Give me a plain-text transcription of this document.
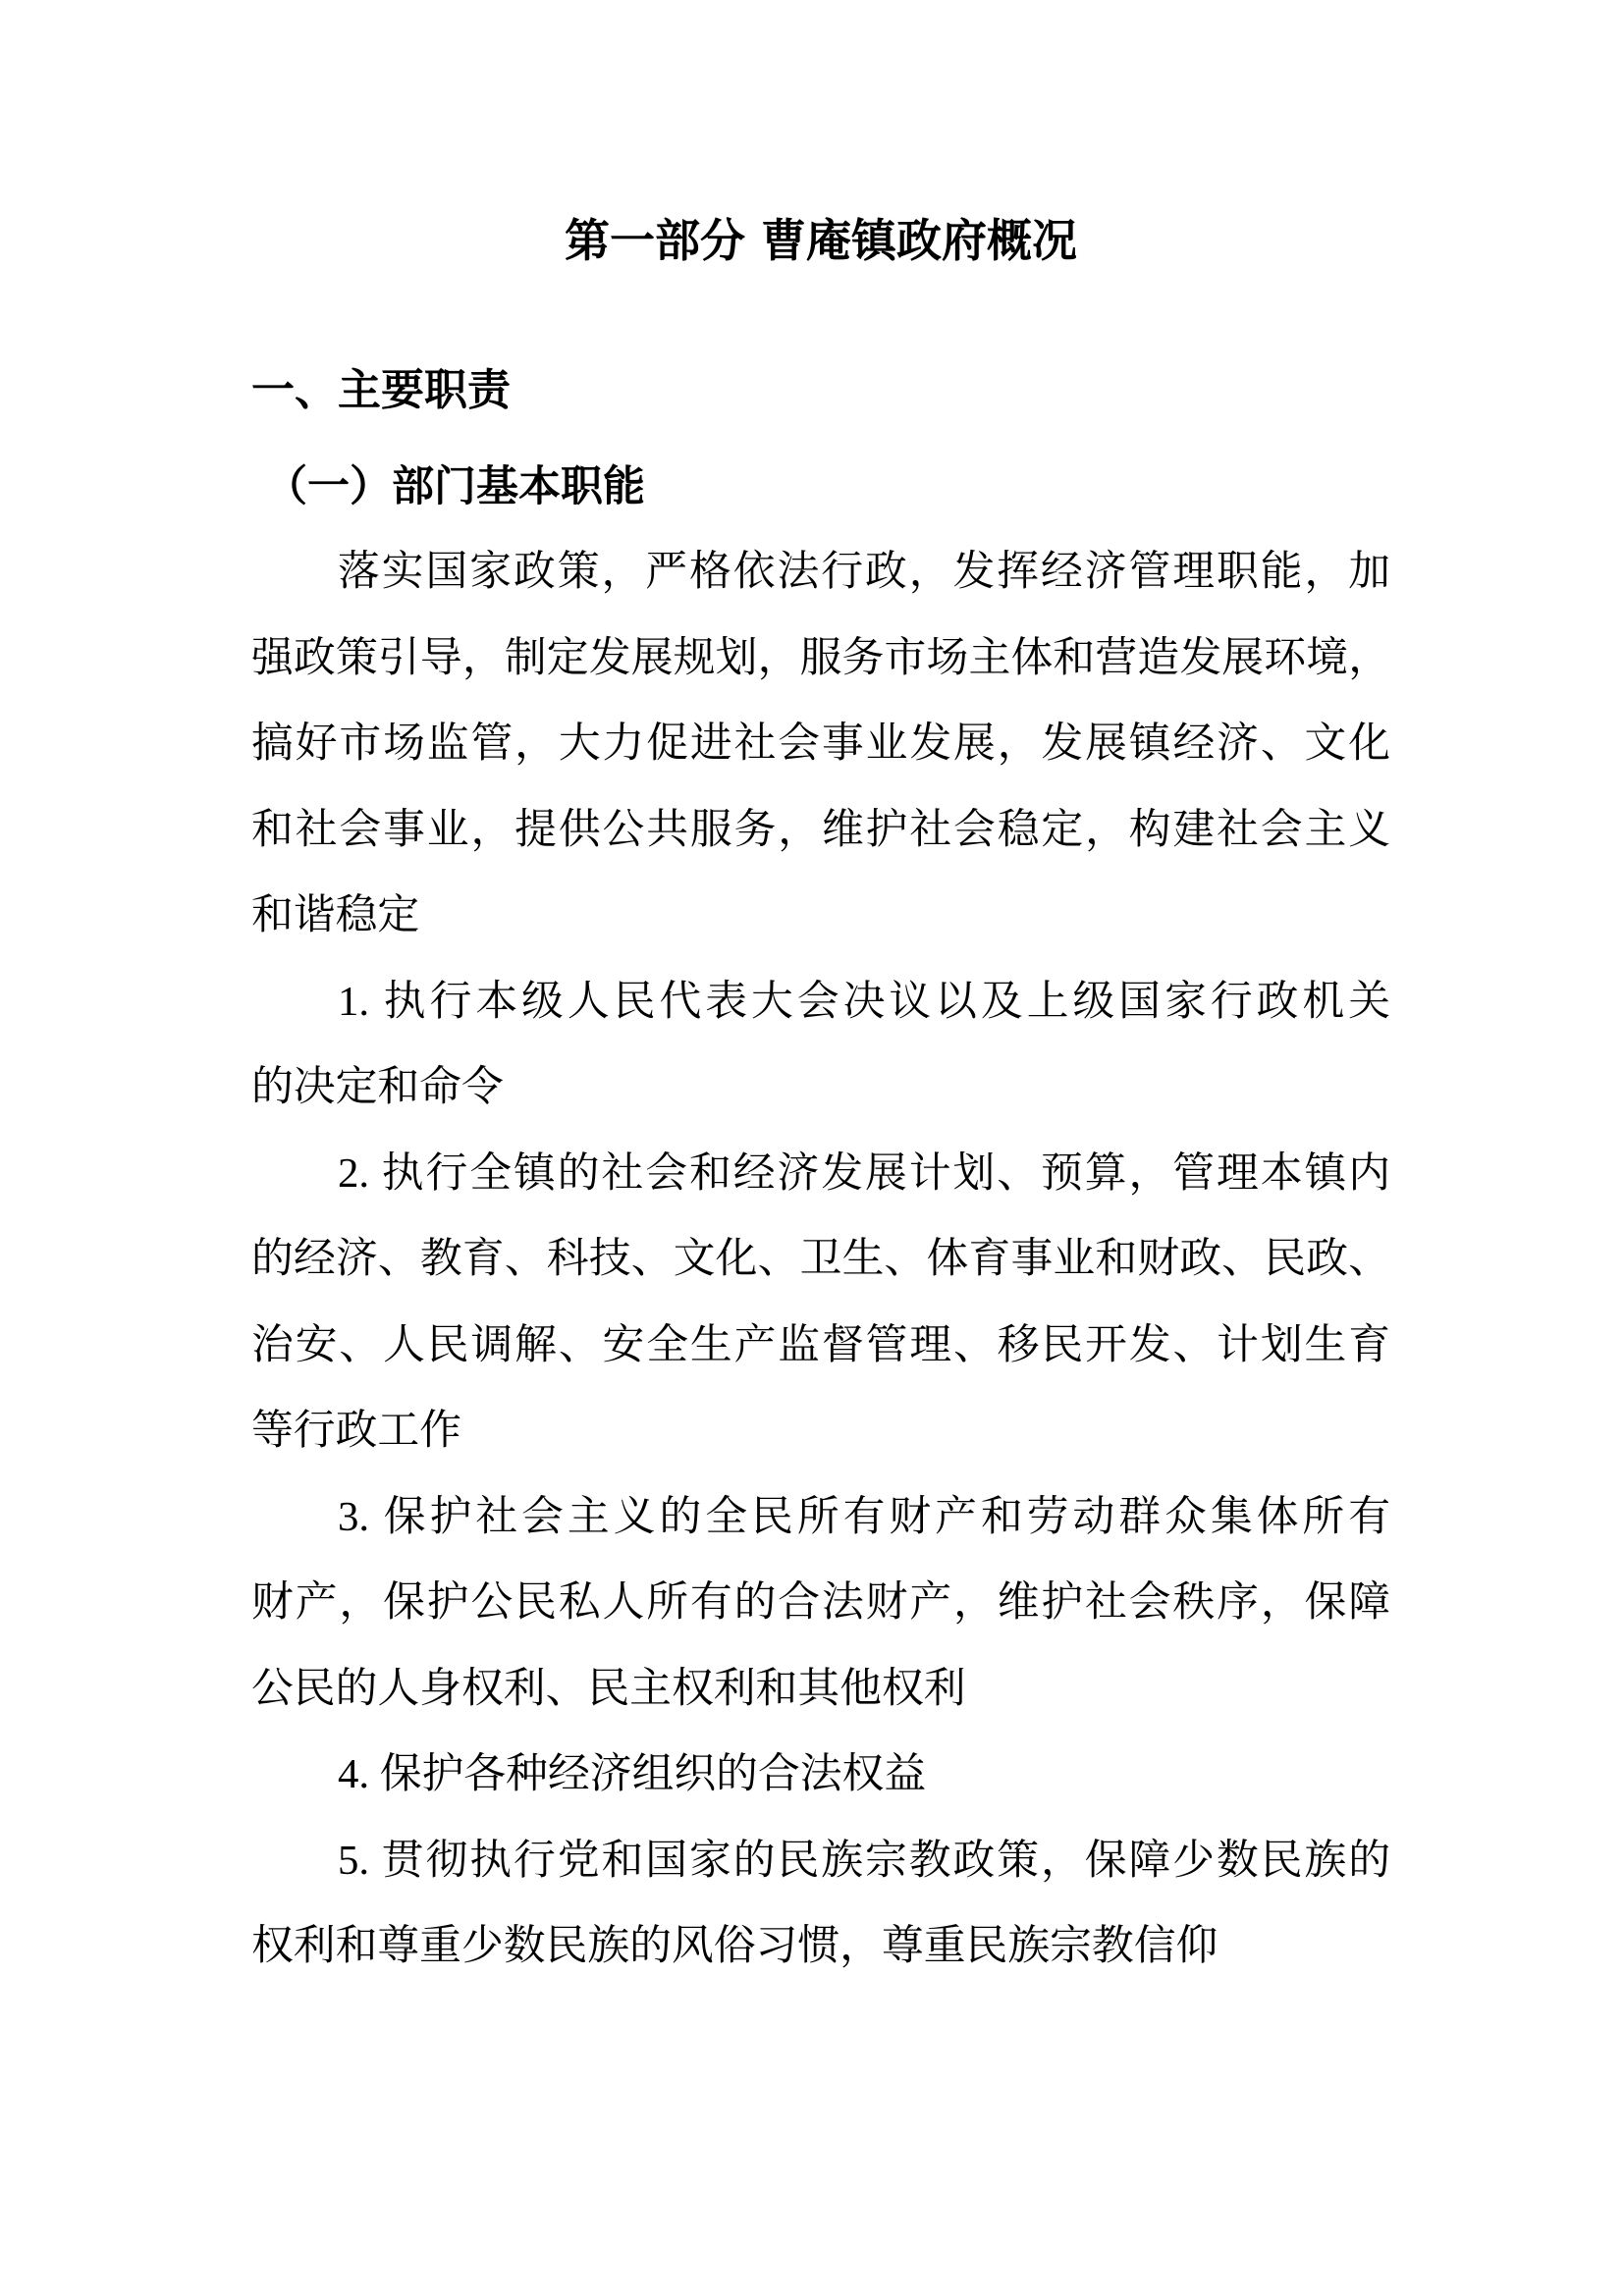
第一部分 曹庵镇政府概况
一、主要职责
（一）部门基本职能
落实国家政策，严格依法行政，发挥经济管理职能，加
强政策引导，制定发展规划，服务市场主体和营造发展环境，
搞好市场监管，大力促进社会事业发展，发展镇经济、文化
和社会事业，提供公共服务，维护社会稳定，构建社会主义
和谐稳定
1. 执行本级人民代表大会决议以及上级国家行政机关
的决定和命令
2. 执行全镇的社会和经济发展计划、预算，管理本镇内
的经济、教育、科技、文化、卫生、体育事业和财政、民政、
治安、人民调解、安全生产监督管理、移民开发、计划生育
等行政工作
3. 保护社会主义的全民所有财产和劳动群众集体所有
财产，保护公民私人所有的合法财产，维护社会秩序，保障
公民的人身权利、民主权利和其他权利
4. 保护各种经济组织的合法权益
5. 贯彻执行党和国家的民族宗教政策，保障少数民族的
权利和尊重少数民族的风俗习惯，尊重民族宗教信仰
